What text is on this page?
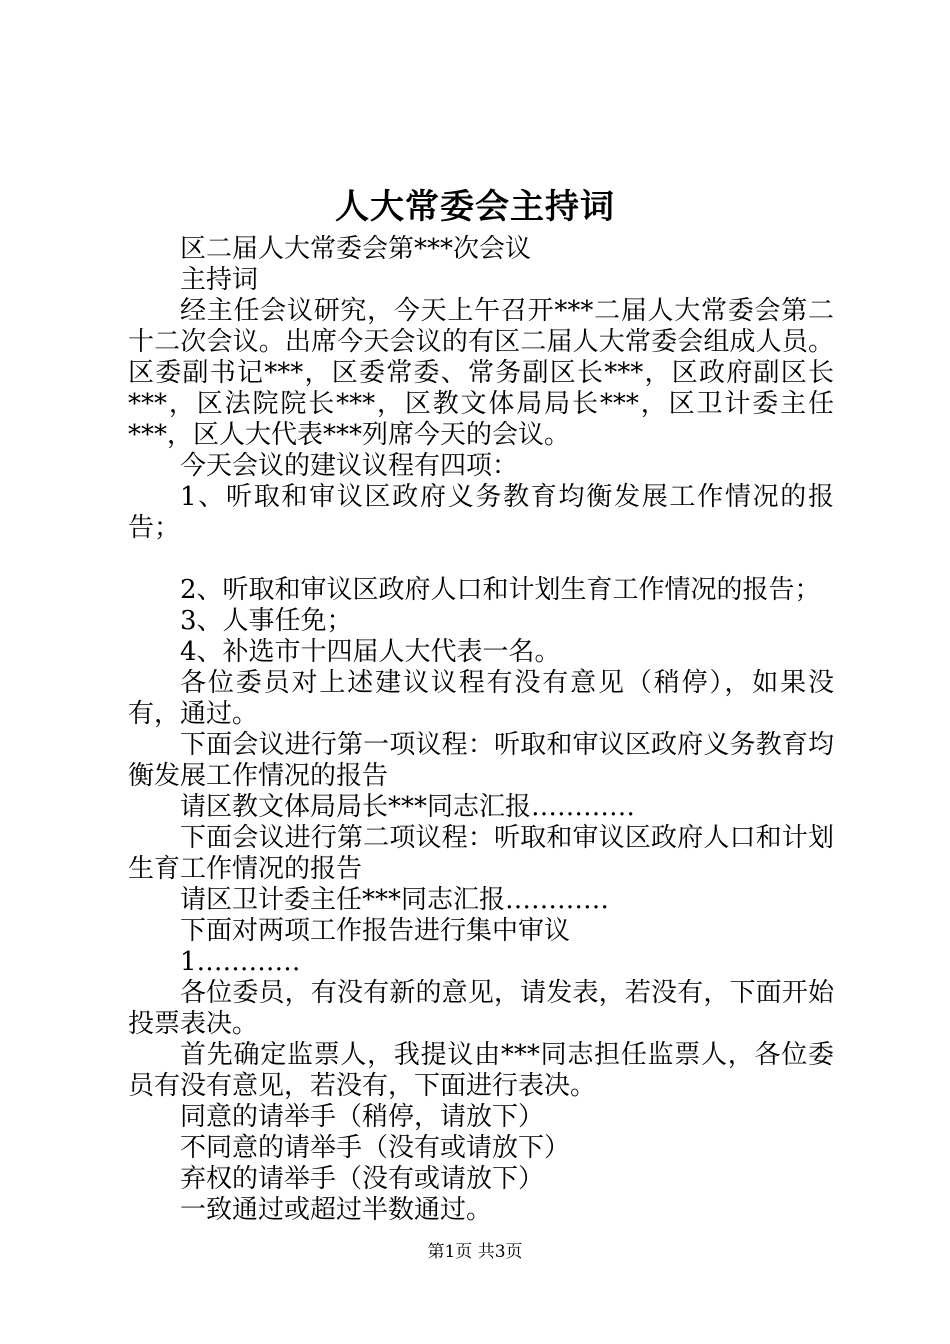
人大常委会主持词

区二届人大常委会第***次会议

主持词

经主任会议研究，今天上午召开***二届人大常委会第二十二次会议。出席今天会议的有区二届人大常委会组成人员。区委副书记***，区委常委、常务副区长***，区政府副区长***，区法院院长***，区教文体局局长***，区卫计委主任***，区人大代表***列席今天的会议。

今天会议的建议议程有四项：

1、听取和审议区政府义务教育均衡发展工作情况的报告；

2、听取和审议区政府人口和计划生育工作情况的报告；

3、人事任免；

4、补选市十四届人大代表一名。

各位委员对上述建议议程有没有意见（稍停），如果没有，通过。

下面会议进行第一项议程：听取和审议区政府义务教育均衡发展工作情况的报告

请区教文体局局长***同志汇报…………

下面会议进行第二项议程：听取和审议区政府人口和计划生育工作情况的报告

请区卫计委主任***同志汇报…………

下面对两项工作报告进行集中审议

1…………

各位委员，有没有新的意见，请发表，若没有，下面开始投票表决。

首先确定监票人，我提议由***同志担任监票人，各位委员有没有意见，若没有，下面进行表决。

同意的请举手（稍停，请放下）

不同意的请举手（没有或请放下）

弃权的请举手（没有或请放下）

一致通过或超过半数通过。

第1页 共3页
